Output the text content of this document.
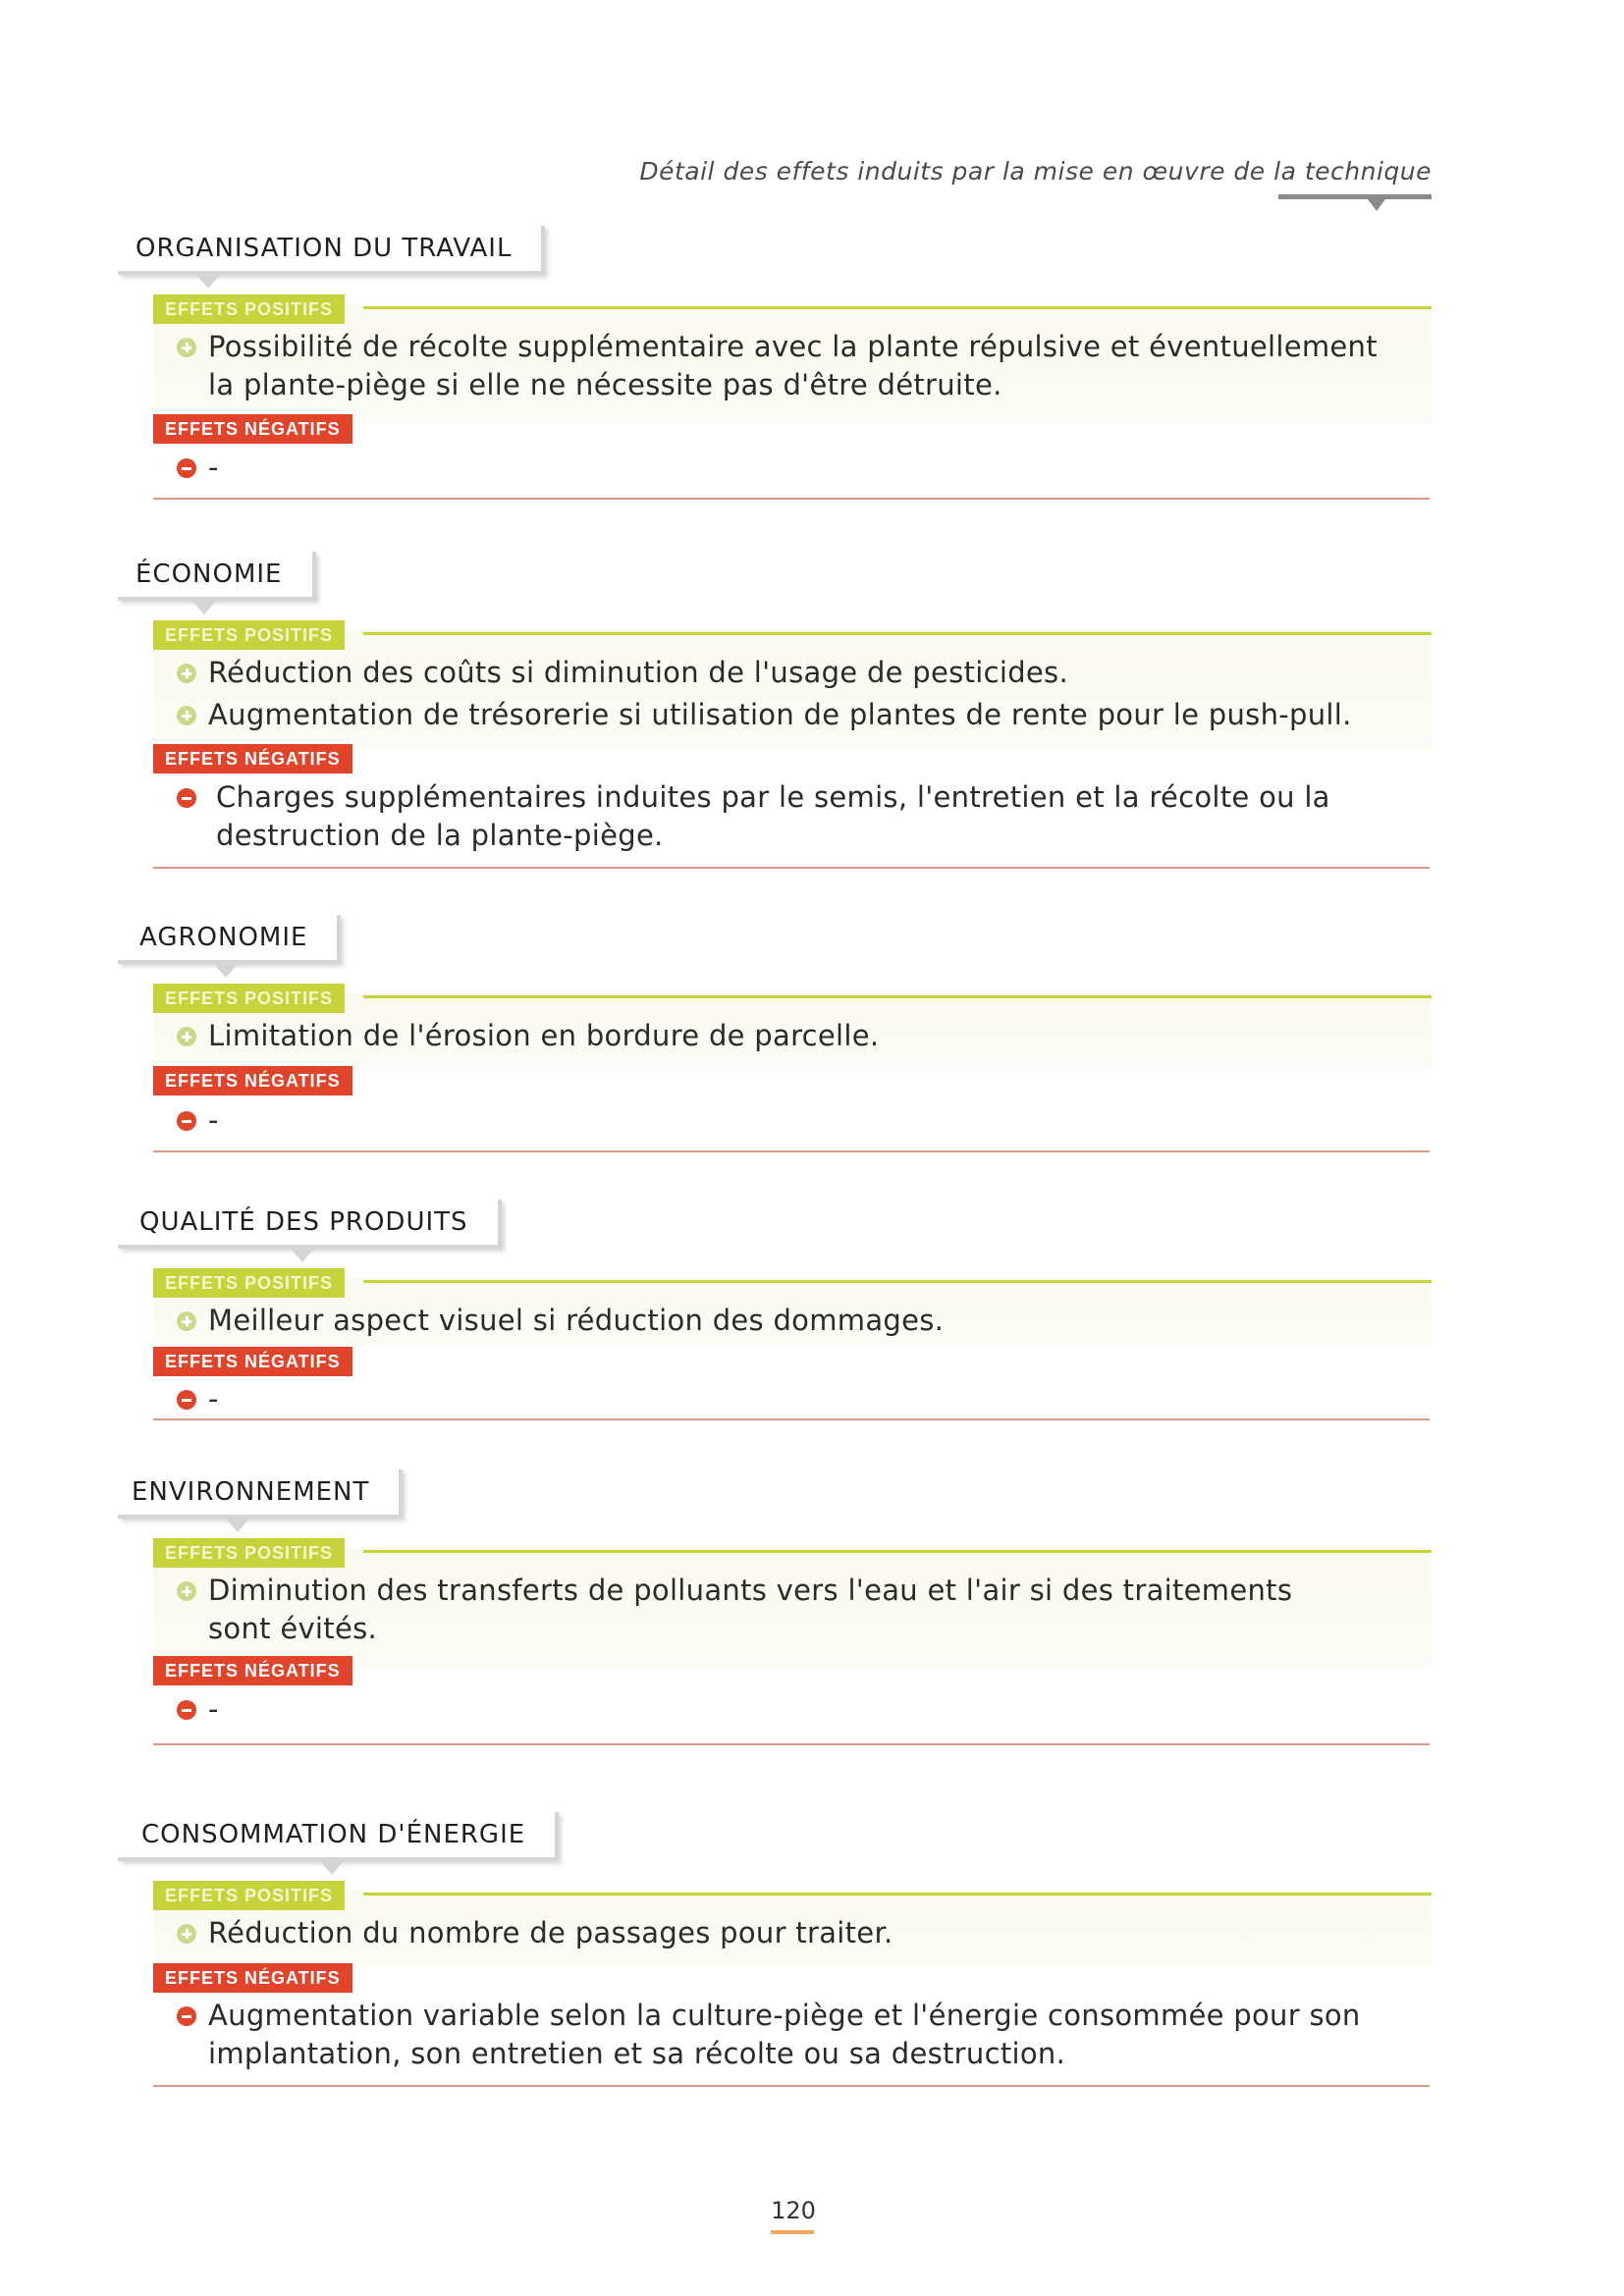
Détail des effets induits par la mise en œuvre de la technique
ORGANISATION DU TRAVAIL
EFFETS POSITIFS
Possibilité de récolte supplémentaire avec la plante répulsive et éventuellement la plante-piège si elle ne nécessite pas d'être détruite.
EFFETS NÉGATIFS
-
ÉCONOMIE
EFFETS POSITIFS
Réduction des coûts si diminution de l'usage de pesticides.
Augmentation de trésorerie si utilisation de plantes de rente pour le push-pull.
EFFETS NÉGATIFS
Charges supplémentaires induites par le semis, l'entretien et la récolte ou la destruction de la plante-piège.
AGRONOMIE
EFFETS POSITIFS
Limitation de l'érosion en bordure de parcelle.
EFFETS NÉGATIFS
-
QUALITÉ DES PRODUITS
EFFETS POSITIFS
Meilleur aspect visuel si réduction des dommages.
EFFETS NÉGATIFS
-
ENVIRONNEMENT
EFFETS POSITIFS
Diminution des transferts de polluants vers l'eau et l'air si des traitements sont évités.
EFFETS NÉGATIFS
-
CONSOMMATION D'ÉNERGIE
EFFETS POSITIFS
Réduction du nombre de passages pour traiter.
EFFETS NÉGATIFS
Augmentation variable selon la culture-piège et l'énergie consommée pour son implantation, son entretien et sa récolte ou sa destruction.
120
